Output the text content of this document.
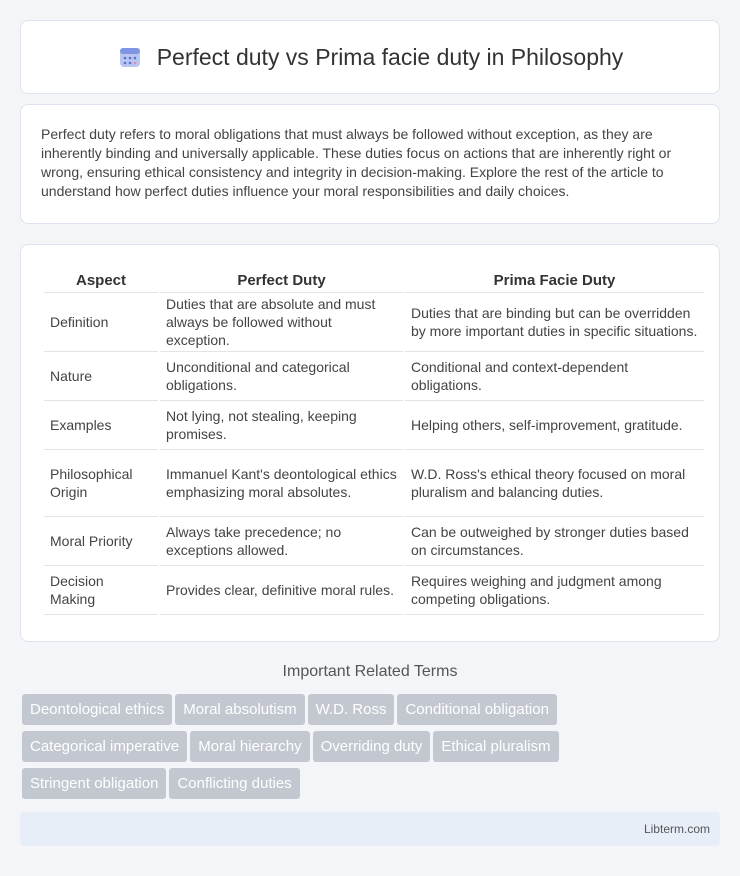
Perfect duty vs Prima facie duty in Philosophy

Perfect duty refers to moral obligations that must always be followed without exception, as they are inherently binding and universally applicable. These duties focus on actions that are inherently right or wrong, ensuring ethical consistency and integrity in decision-making. Explore the rest of the article to understand how perfect duties influence your moral responsibilities and daily choices.

Aspect	Perfect Duty	Prima Facie Duty
Definition	Duties that are absolute and must always be followed without exception.	Duties that are binding but can be overridden by more important duties in specific situations.
Nature	Unconditional and categorical obligations.	Conditional and context-dependent obligations.
Examples	Not lying, not stealing, keeping promises.	Helping others, self-improvement, gratitude.
Philosophical Origin	Immanuel Kant's deontological ethics emphasizing moral absolutes.	W.D. Ross's ethical theory focused on moral pluralism and balancing duties.
Moral Priority	Always take precedence; no exceptions allowed.	Can be outweighed by stronger duties based on circumstances.
Decision Making	Provides clear, definitive moral rules.	Requires weighing and judgment among competing obligations.
Important Related Terms
Deontological ethics Moral absolutism W.D. Ross Conditional obligation
Categorical imperative Moral hierarchy Overriding duty Ethical pluralism
Stringent obligation Conflicting duties
Libterm.com
